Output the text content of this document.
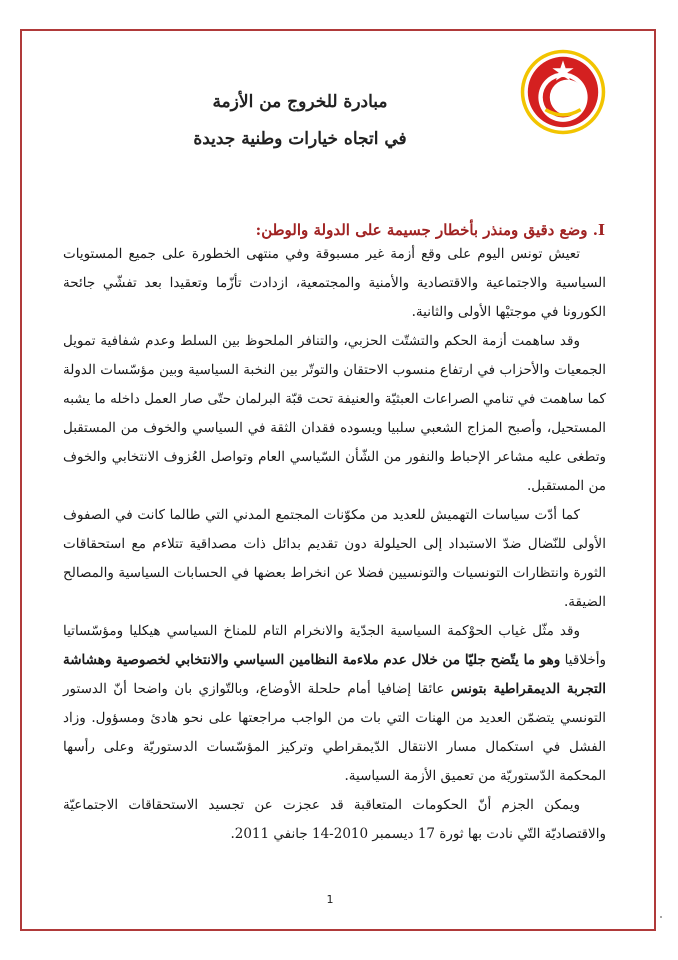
مبادرة للخروج من الأزمة
في اتجاه خيارات وطنية جديدة
I. وضع دقيق ومنذر بأخطار جسيمة على الدولة والوطن:

تعيش تونس اليوم على وقع أزمة غير مسبوقة وفي منتهى الخطورة على جميع المستويات السياسية والاجتماعية والاقتصادية والأمنية والمجتمعية، ازدادت تأزّما وتعقيدا بعد تفشّي جائحة الكورونا في موجتيْها الأولى والثانية.

وقد ساهمت أزمة الحكم والتشتّت الحزبي، والتنافر الملحوظ بين السلط وعدم شفافية تمويل الجمعيات والأحزاب في ارتفاع منسوب الاحتقان والتوتّر بين النخبة السياسية وبين مؤسّسات الدولة كما ساهمت في تنامي الصراعات العبثيّة والعنيفة تحت قبّة البرلمان حتّى صار العمل داخله ما يشبه المستحيل، وأصبح المزاج الشعبي سلبيا ويسوده فقدان الثقة في السياسي والخوف من المستقبل وتطغى عليه مشاعر الإحباط والنفور من الشّأن السّياسي العام وتواصل العُزوف الانتخابي والخوف من المستقبل.

كما أدّت سياسات التهميش للعديد من مكوّنات المجتمع المدني التي طالما كانت في الصفوف الأولى للنّضال ضدّ الاستبداد إلى الحيلولة دون تقديم بدائل ذات مصداقية تتلاءم مع استحقاقات الثورة وانتظارات التونسيات والتونسيين فضلا عن انخراط بعضها في الحسابات السياسية والمصالح الضيقة.

وقد مثّل غياب الحوْكمة السياسية الجدّية والانخرام التام للمناخ السياسي هيكليا ومؤسّساتيا وأخلاقيا وهو ما يتّضح جليّا من خلال عدم ملاءمة النظامين السياسي والانتخابي لخصوصية وهشاشة التجربة الديمقراطية بتونس عائقا إضافيا أمام حلحلة الأوضاع، وبالتّوازي بان واضحا أنّ الدستور التونسي يتضمّن العديد من الهنات التي بات من الواجب مراجعتها على نحو هادئ ومسؤول. وزاد الفشل في استكمال مسار الانتقال الدّيمقراطي وتركيز المؤسّسات الدستوريّة وعلى رأسها المحكمة الدّستوريّة من تعميق الأزمة السياسية.

ويمكن الجزم أنّ الحكومات المتعاقبة قد عجزت عن تجسيد الاستحقاقات الاجتماعيّة والاقتصاديّة التّي نادت بها ثورة 17 ديسمبر 2010-14 جانفي 2011.

1
